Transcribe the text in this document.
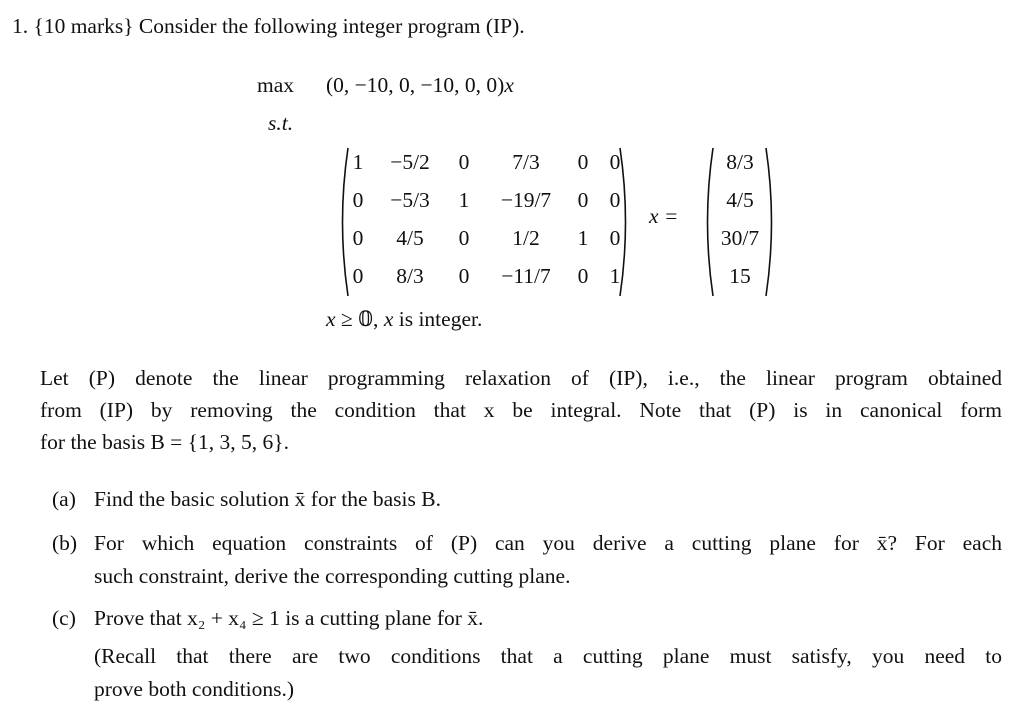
1. {10 marks} Consider the following integer program (IP).
max (0, −10, 0, −10, 0, 0)x
s.t.
1	−5/2	0	7/3	0 0
0	−5/3	1	−19/7	0 0
0	4/5	0	1/2	1 0
0	8/3	0	−11/7	0 1
x =
8/3
4/5
30/7
15
x ≥ 𝟘, x is integer.
Let (P) denote the linear programming relaxation of (IP), i.e., the linear program obtained
from (IP) by removing the condition that x be integral. Note that (P) is in canonical form
for the basis B = {1, 3, 5, 6}.
(a) Find the basic solution x̄ for the basis B.
(b) For which equation constraints of (P) can you derive a cutting plane for x̄? For each
such constraint, derive the corresponding cutting plane.
(c) Prove that x₂ + x₄ ≥ 1 is a cutting plane for x̄.
(Recall that there are two conditions that a cutting plane must satisfy, you need to
prove both conditions.)
